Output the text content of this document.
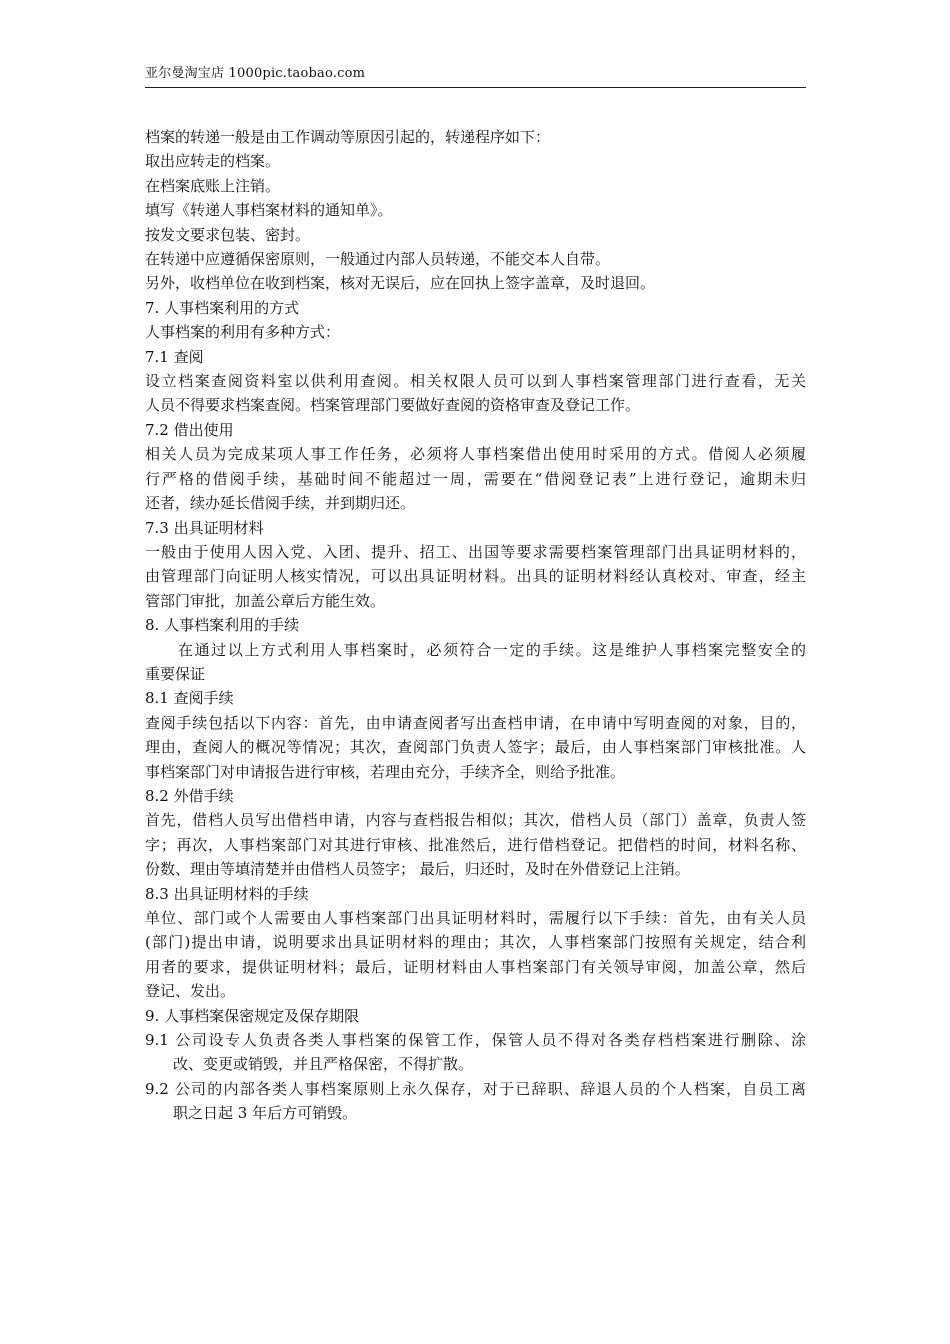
亚尔曼淘宝店 1000pic.taobao.com
档案的转递一般是由工作调动等原因引起的，转递程序如下：
取出应转走的档案。
在档案底账上注销。
填写《转递人事档案材料的通知单》。
按发文要求包装、密封。
在转递中应遵循保密原则，一般通过内部人员转递，不能交本人自带。
另外，收档单位在收到档案，核对无误后，应在回执上签字盖章，及时退回。
7. 人事档案利用的方式
人事档案的利用有多种方式：
7.1 查阅
设立档案查阅资料室以供利用查阅。相关权限人员可以到人事档案管理部门进行查看，无关
人员不得要求档案查阅。档案管理部门要做好查阅的资格审查及登记工作。
7.2 借出使用
相关人员为完成某项人事工作任务，必须将人事档案借出使用时采用的方式。借阅人必须履
行严格的借阅手续，基础时间不能超过一周，需要在“借阅登记表”上进行登记，逾期未归
还者，续办延长借阅手续，并到期归还。
7.3 出具证明材料
一般由于使用人因入党、入团、提升、招工、出国等要求需要档案管理部门出具证明材料的，
由管理部门向证明人核实情况，可以出具证明材料。出具的证明材料经认真校对、审查，经主
管部门审批，加盖公章后方能生效。
8. 人事档案利用的手续
在通过以上方式利用人事档案时，必须符合一定的手续。这是维护人事档案完整安全的
重要保证
8.1 查阅手续
查阅手续包括以下内容：首先，由申请查阅者写出查档申请，在申请中写明查阅的对象，目的，
理由，查阅人的概况等情况；其次，查阅部门负责人签字；最后，由人事档案部门审核批准。人
事档案部门对申请报告进行审核，若理由充分，手续齐全，则给予批准。
8.2 外借手续
首先，借档人员写出借档申请，内容与查档报告相似；其次，借档人员（部门）盖章，负责人签
字；再次，人事档案部门对其进行审核、批准然后，进行借档登记。把借档的时间，材料名称、
份数、理由等填清楚并由借档人员签字； 最后，归还时，及时在外借登记上注销。
8.3 出具证明材料的手续
单位、部门或个人需要由人事档案部门出具证明材料时，需履行以下手续：首先，由有关人员
(部门)提出申请，说明要求出具证明材料的理由；其次，人事档案部门按照有关规定，结合利
用者的要求，提供证明材料；最后，证明材料由人事档案部门有关领导审阅，加盖公章，然后
登记、发出。
9. 人事档案保密规定及保存期限
9.1 公司设专人负责各类人事档案的保管工作，保管人员不得对各类存档档案进行删除、涂
改、变更或销毁，并且严格保密，不得扩散。
9.2 公司的内部各类人事档案原则上永久保存，对于已辞职、辞退人员的个人档案，自员工离
职之日起 3 年后方可销毁。
